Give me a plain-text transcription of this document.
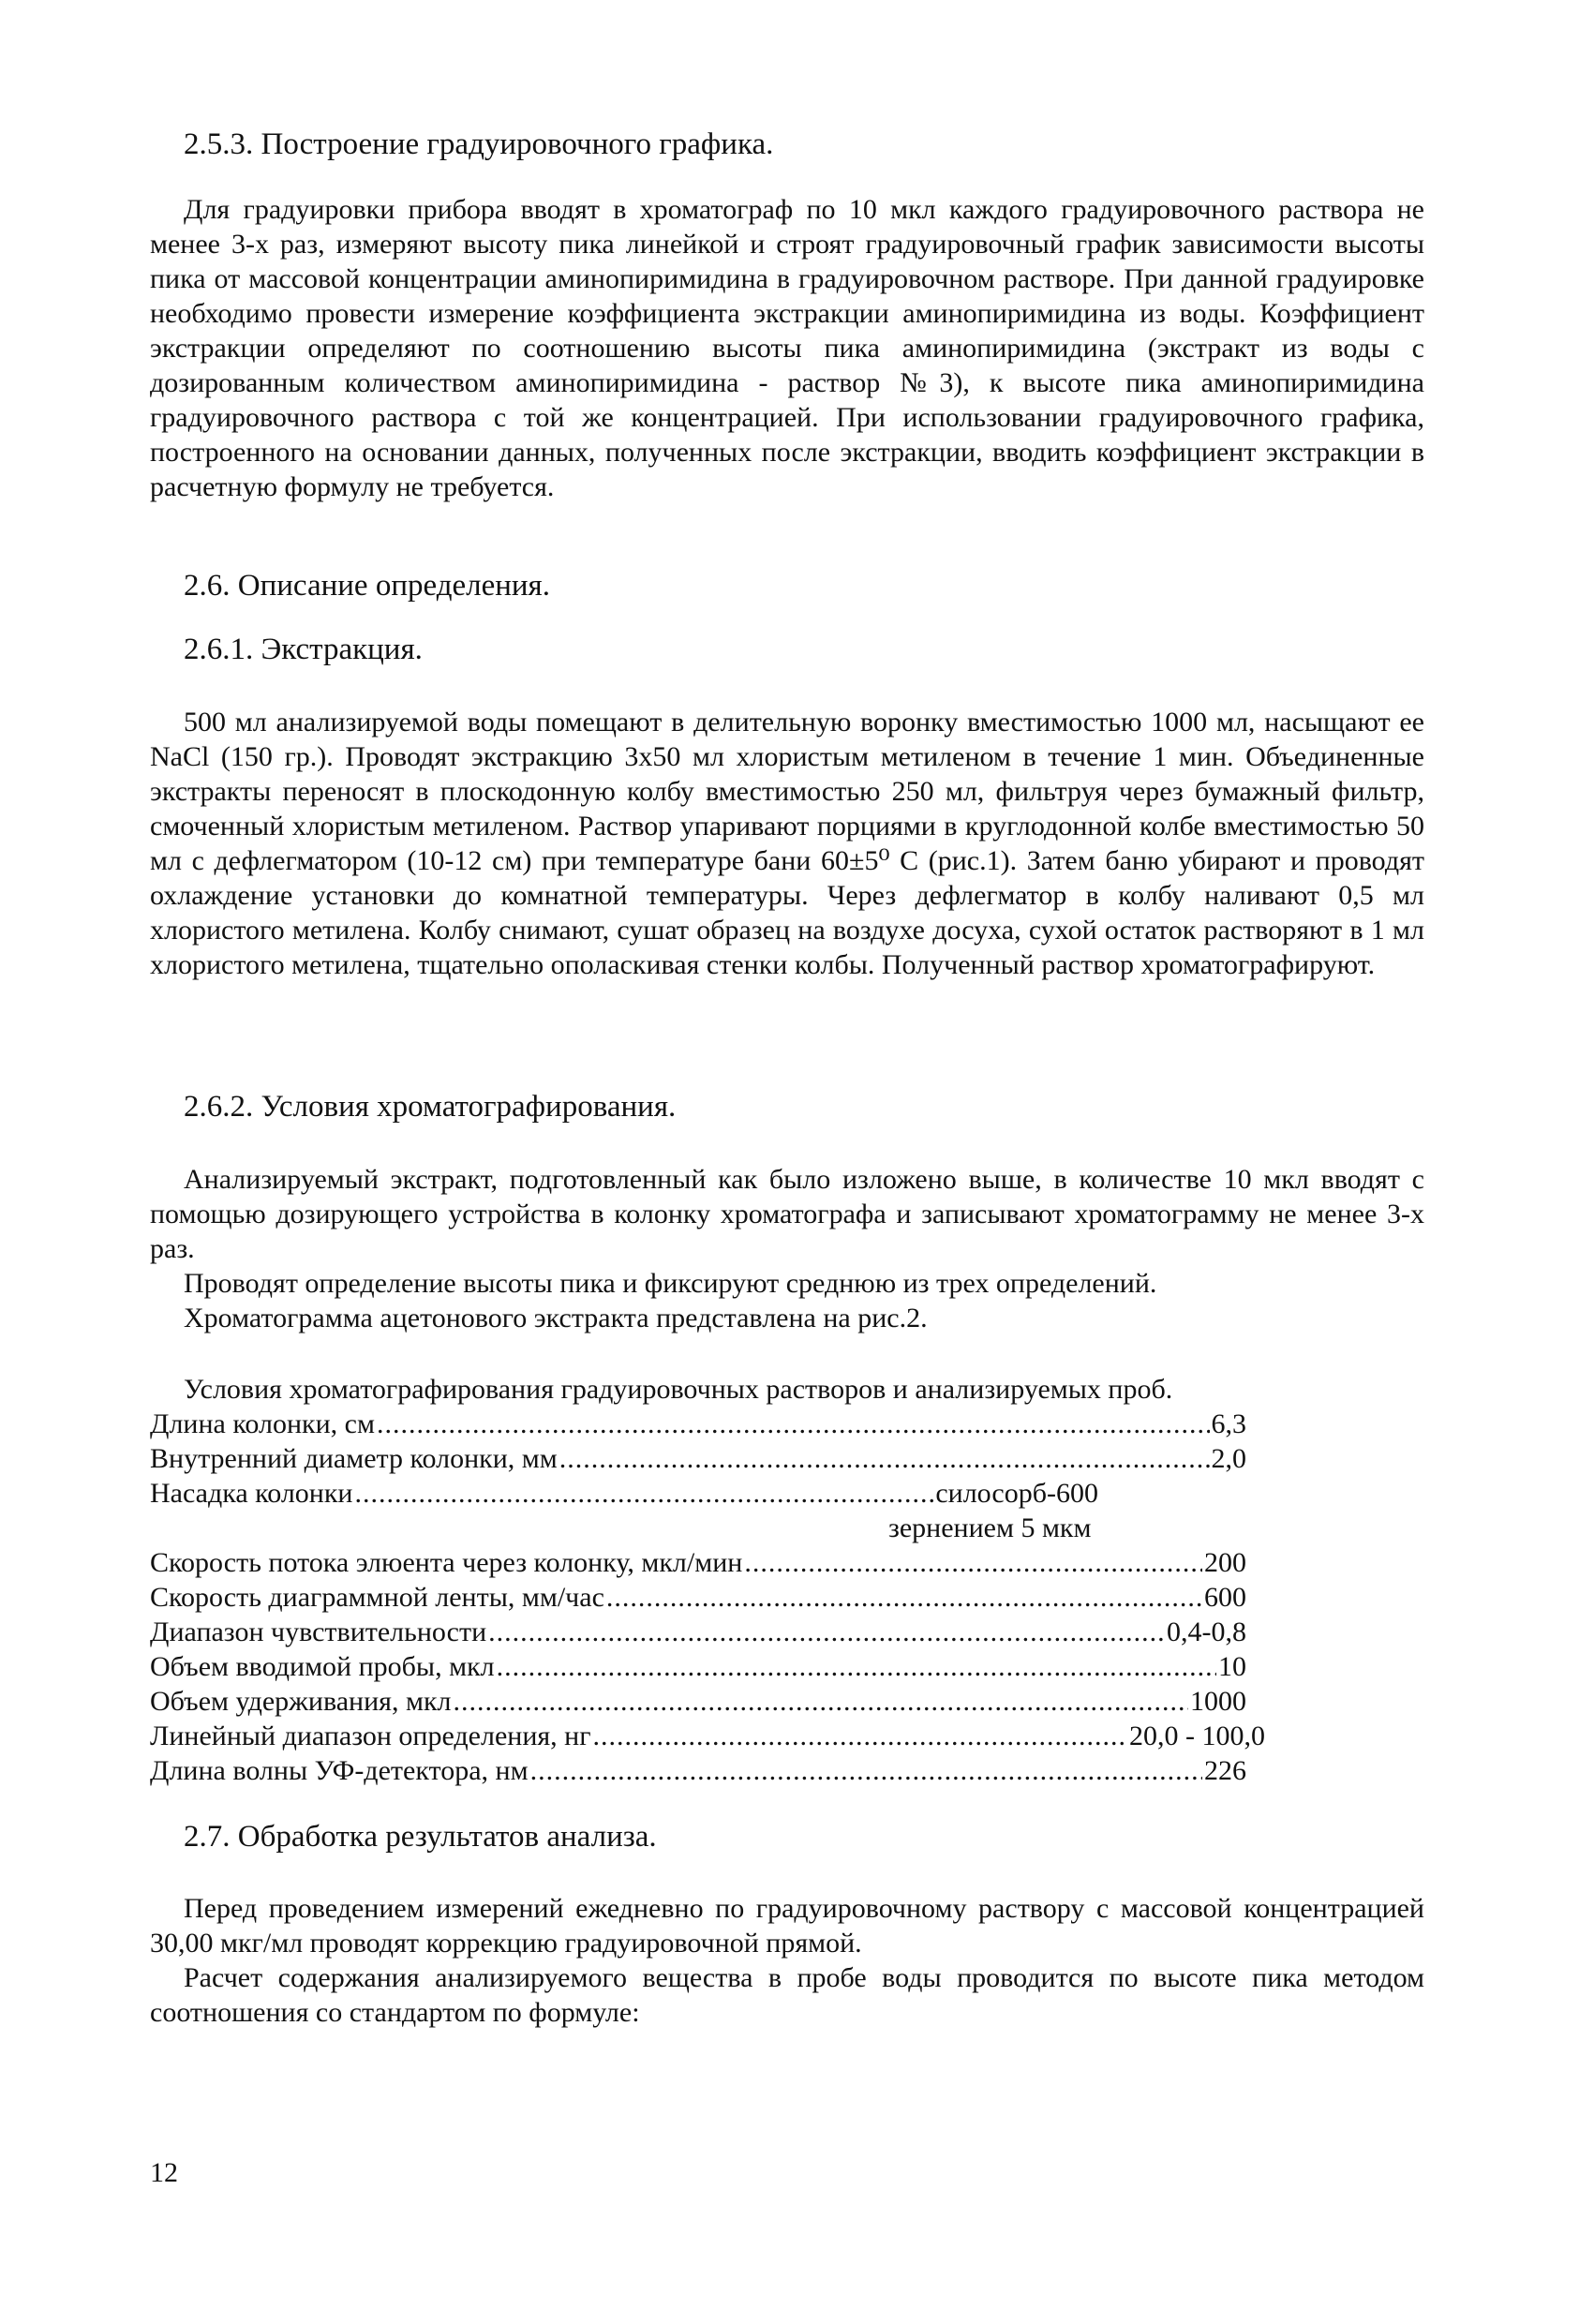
2.5.3. Построение градуировочного графика.

Для градуировки прибора вводят в хроматограф по 10 мкл каждого градуировочного раствора не менее 3-х раз, измеряют высоту пика линейкой и строят градуировочный график зависимости высоты пика от массовой концентрации аминопиримидина в градуировочном растворе. При данной градуировке необходимо провести измерение коэффициента экстракции аминопиримидина из воды. Коэффициент экстракции определяют по соотношению высоты пика аминопиримидина (экстракт из воды с дозированным количеством аминопиримидина - раствор №3), к высоте пика аминопиримидина градуировочного раствора с той же концентрацией. При использовании градуировочного графика, построенного на основании данных, полученных после экстракции, вводить коэффициент экстракции в расчетную формулу не требуется.

2.6. Описание определения.
2.6.1. Экстракция.

500 мл анализируемой воды помещают в делительную воронку вместимостью 1000 мл, насыщают ее NaCl (150 гр.). Проводят экстракцию 3х50 мл хлористым метиленом в течение 1 мин. Объединенные экстракты переносят в плоскодонную колбу вместимостью 250 мл, фильтруя через бумажный фильтр, смоченный хлористым метиленом. Раствор упаривают порциями в круглодонной колбе вместимостью 50 мл с дефлегматором (10-12 см) при температуре бани 60±5⁰ С (рис.1). Затем баню убирают и проводят охлаждение установки до комнатной температуры. Через дефлегматор в колбу наливают 0,5 мл хлористого метилена. Колбу снимают, сушат образец на воздухе досуха, сухой остаток растворяют в 1 мл хлористого метилена, тщательно ополаскивая стенки колбы. Полученный раствор хроматографируют.

2.6.2. Условия хроматографирования.

Анализируемый экстракт, подготовленный как было изложено выше, в количестве 10 мкл вводят с помощью дозирующего устройства в колонку хроматографа и записывают хроматограмму не менее 3-х раз.

Проводят определение высоты пика и фиксируют среднюю из трех определений.
Хроматограмма ацетонового экстракта представлена на рис.2.
Условия хроматографирования градуировочных растворов и анализируемых проб.
Длина колонки, см .....	6,3
Внутренний диаметр колонки, мм .....	2,0
Насадка колонки .....	силосорб-600
зернением 5 мкм
Скорость потока элюента через колонку, мкл/мин .....	200
Скорость диаграммной ленты, мм/час .....	600
Диапазон чувствительности .....	0,4-0,8
Объем вводимой пробы, мкл .....	10
Объем удерживания, мкл .....	1000
Линейный диапазон определения, нг .....	20,0 - 100,0
Длина волны УФ-детектора, нм .....	226
2.7. Обработка результатов анализа.

Перед проведением измерений ежедневно по градуировочному раствору с массовой концентрацией 30,00 мкг/мл проводят коррекцию градуировочной прямой.

Расчет содержания анализируемого вещества в пробе воды проводится по высоте пика методом соотношения со стандартом по формуле:

12
